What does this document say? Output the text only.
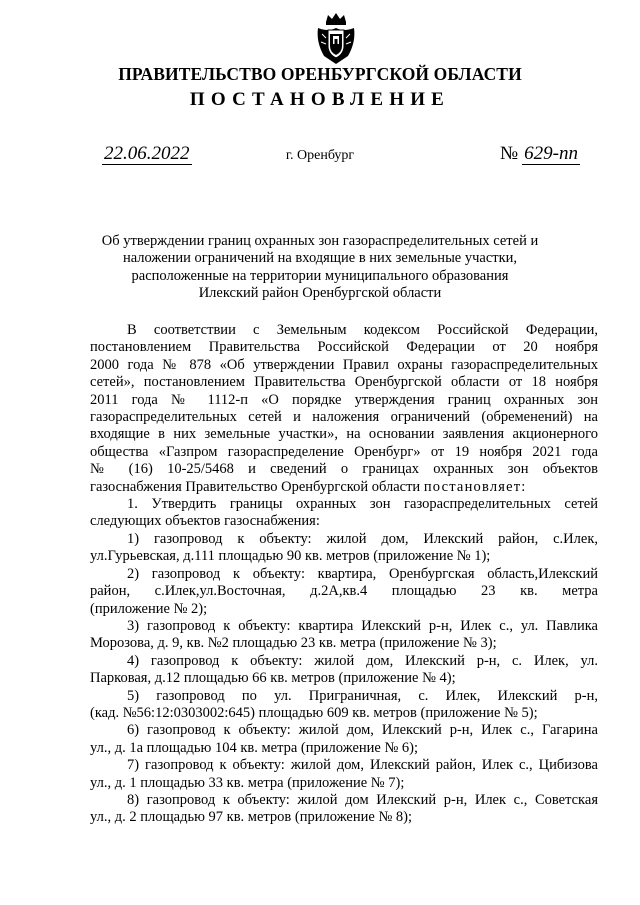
ПРАВИТЕЛЬСТВО ОРЕНБУРГСКОЙ ОБЛАСТИ
ПОСТАНОВЛЕНИЕ
22.06.2022	г. Оренбург	№ 629-пп
Об утверждении границ охранных зон газораспределительных сетей и
наложении ограничений на входящие в них земельные участки,
расположенные на территории муниципального образования
Илекский район Оренбургской области
В соответствии с Земельным кодексом Российской Федерации,
постановлением Правительства Российской Федерации от 20 ноября
2000 года № 878 «Об утверждении Правил охраны газораспределительных
сетей», постановлением Правительства Оренбургской области от 18 ноября
2011 года № 1112-п «О порядке утверждения границ охранных зон
газораспределительных сетей и наложения ограничений (обременений) на
входящие в них земельные участки», на основании заявления акционерного
общества «Газпром газораспределение Оренбург» от 19 ноября 2021 года
№ (16) 10-25/5468 и сведений о границах охранных зон объектов
газоснабжения Правительство Оренбургской области постановляет:
1. Утвердить границы охранных зон газораспределительных сетей
следующих объектов газоснабжения:
1) газопровод к объекту: жилой дом, Илекский район, с.Илек,
ул.Гурьевская, д.111 площадью 90 кв. метров (приложение № 1);
2) газопровод к объекту: квартира, Оренбургская область,Илекский
район, с.Илек,ул.Восточная, д.2А,кв.4 площадью 23 кв. метра
(приложение № 2);
3) газопровод к объекту: квартира Илекский р-н, Илек с., ул. Павлика
Морозова, д. 9, кв. №2 площадью 23 кв. метра (приложение № 3);
4) газопровод к объекту: жилой дом, Илекский р-н, с. Илек, ул.
Парковая, д.12 площадью 66 кв. метров (приложение № 4);
5) газопровод по ул. Приграничная, с. Илек, Илекский р-н,
(кад. №56:12:0303002:645) площадью 609 кв. метров (приложение № 5);
6) газопровод к объекту: жилой дом, Илекский р-н, Илек с., Гагарина
ул., д. 1а площадью 104 кв. метра (приложение № 6);
7) газопровод к объекту: жилой дом, Илекский район, Илек с., Цибизова
ул., д. 1 площадью 33 кв. метра (приложение № 7);
8) газопровод к объекту: жилой дом Илекский р-н, Илек с., Советская
ул., д. 2 площадью 97 кв. метров (приложение № 8);
